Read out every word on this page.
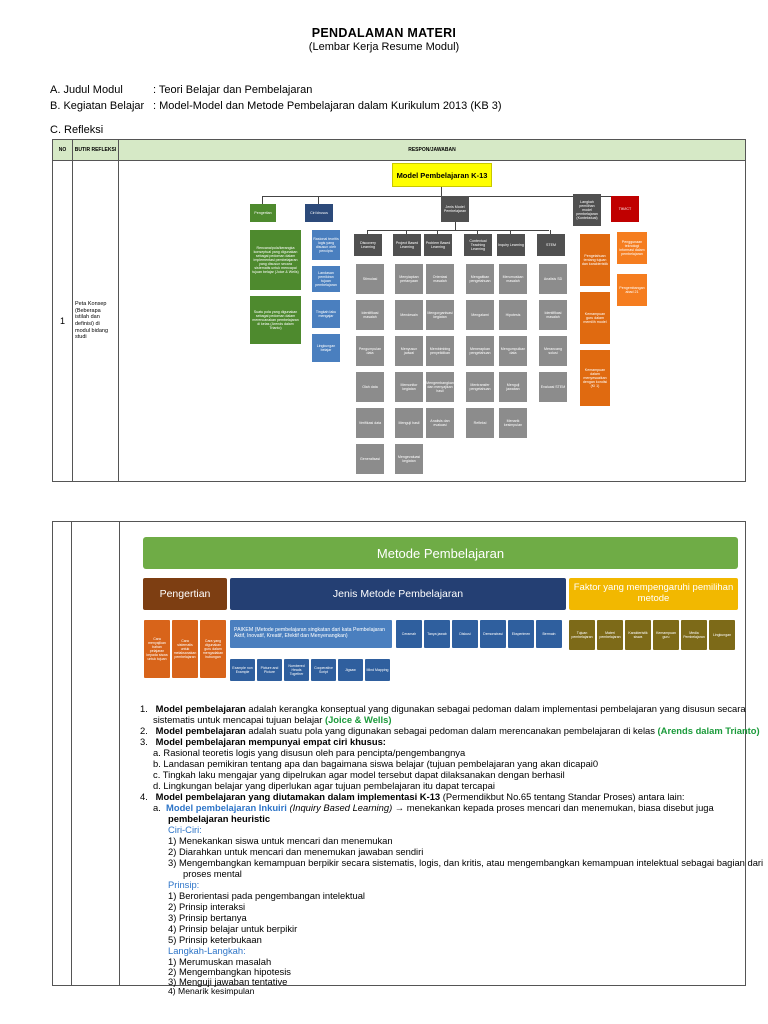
PENDALAMAN MATERI
(Lembar Kerja Resume Modul)
A. Judul Modul	: Teori Belajar dan Pembelajaran
B. Kegiatan Belajar : Model-Model dan Metode Pembelajaran dalam Kurikulum 2013 (KB 3)
C. Refleksi
NO	BUTIR REFLEKSI	RESPON/JAWABAN
1	Peta Konsep (Beberapa istilah dan definisi) di modul bidang studi	
Model Pembelajaran K-13
Pengertian	Ciri khusus
Jenis Model Pembelajaran
Langkah pemilihan model pembelajaran (Kontekstual)
TIK/ICT
Rencana/pola/kerangka konseptual yang digunakan sebagai pedoman dalam implementasi pembelajaran yang disusun secara sistematis untuk mencapai tujuan belajar (Joice & Wells)
Suatu pola yang digunakan sebagai pedoman dalam merencanakan pembelajaran di kelas (Arends dalam Trianto)
Rasional teoritis logis yang disusun oleh pencipta
Landasan pemikiran tujuan pembelajaran
Tingkah laku mengajar
Lingkungan belajar
Discovery Learning
Stimulasi
Identifikasi masalah
Pengumpulan data
Olah data
Verifikasi data
Generalisasi
Project Based Learning
Menyiapkan pertanyaan
Mendesain
Menyusun jadwal
Memonitor kegiatan
Menguji hasil
Mengevaluasi kegiatan
Problem Based Learning
Orientasi masalah
Mengorganisasi kegiatan
Membimbing penyelidikan
Mengembangkan dan menyajikan hasil
Analisis dan evaluasi
Contextual Teaching Learning
Mengaitkan pengetahuan
Mengalami
Menerapkan pengetahuan
Mentransfer pengetahuan
Refleksi
Inquiry Learning
Merumuskan masalah
Hipotesis
Mengumpulkan data
Menguji jawaban
Menarik kesimpulan
STEM
Analisis SD
Identifikasi masalah
Merancang solusi
Evaluasi STEM
Pengetahuan tentang tujuan dan karakteristik
Kemampuan guru dalam memilih model
Kemampuan dalam menyesuaikan dengan kondisi (KI 1)
Penggunaan teknologi informasi dalam pembelajaran
Pengembangan abad 21
Metode Pembelajaran
Pengertian	Jenis Metode Pembelajaran
Faktor yang mempengaruhi pemilihan metode
Cara menyajikan bahan pelajaran kepada siswa untuk tujuan
Cara sistematis untuk melaksanakan pembelajaran
Cara yang digunakan guru dalam mengadakan hubungan
PAIKEM (Metode pembelajaran singkatan dari kata Pembelajaran Aktif, Inovatif, Kreatif, Efektif dan Menyenangkan)	Ceramah	Tanya jawab	Diskusi	Demonstrasi	Eksperimen	Bermain
Example non Example
Picture and Picture
Numbered Heads Together
Cooperative Script
Jigsaw	Mind Mapping
Tujuan pembelajaran
Materi pembelajaran
Karakteristik siswa
Kemampuan guru
Media Pembelajaran
Lingkungan
1. Model pembelajaran adalah kerangka konseptual yang digunakan sebagai pedoman dalam implementasi pembelajaran yang disusun secara
sistematis untuk mencapai tujuan belajar (Joice & Wells)
2. Model pembelajaran adalah suatu pola yang digunakan sebagai pedoman dalam merencanakan pembelajaran di kelas (Arends dalam Trianto)
3. Model pembelajaran mempunyai empat ciri khusus:
a. Rasional teoretis logis yang disusun oleh para pencipta/pengembangnya
b. Landasan pemikiran tentang apa dan bagaimana siswa belajar (tujuan pembelajaran yang akan dicapai0
c. Tingkah laku mengajar yang dipelrukan agar model tersebut dapat dilaksanakan dengan berhasil
d. Lingkungan belajar yang diperlukan agar tujuan pembelajaran itu dapat tercapai
4. Model pembelajaran yang diutamakan dalam implementasi K-13 (Permendikbut No.65 tentang Standar Proses) antara lain:
a. Model pembelajaran Inkuiri (Inquiry Based Learning) → menekankan kepada proses mencari dan menemukan, biasa disebut juga
pembelajaran heuristic
Ciri-Ciri:
1) Menekankan siswa untuk mencari dan menemukan
2) Diarahkan untuk mencari dan menemukan jawaban sendiri
3) Mengembangkan kemampuan berpikir secara sistematis, logis, dan kritis, atau mengembangkan kemampuan intelektual sebagai bagian dari
proses mental
Prinsip:
1) Berorientasi pada pengembangan intelektual
2) Prinsip interaksi
3) Prinsip bertanya
4) Prinsip belajar untuk berpikir
5) Prinsip keterbukaan
Langkah-Langkah:
1) Merumuskan masalah
2) Mengembangkan hipotesis
3) Menguji jawaban tentative
4) Menarik kesimpulan
